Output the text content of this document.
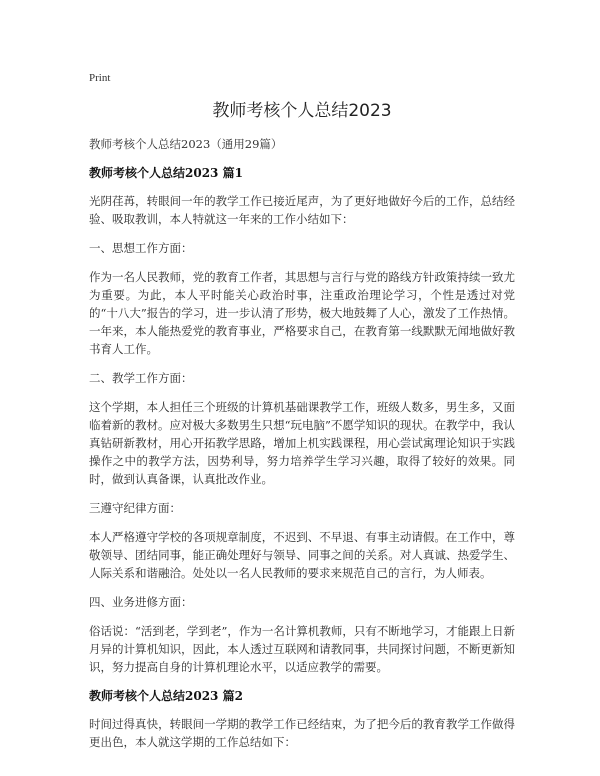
Print
教师考核个人总结2023
教师考核个人总结2023（通用29篇）
教师考核个人总结2023 篇1

光阴荏苒，转眼间一年的教学工作已接近尾声，为了更好地做好今后的工作，总结经验、吸取教训，本人特就这一年来的工作小结如下：

一、思想工作方面：

作为一名人民教师，党的教育工作者，其思想与言行与党的路线方针政策持续一致尤为重要。为此，本人平时能关心政治时事，注重政治理论学习，个性是透过对党的“十八大”报告的学习，进一步认清了形势，极大地鼓舞了人心，激发了工作热情。一年来，本人能热爱党的教育事业，严格要求自己，在教育第一线默默无闻地做好教书育人工作。

二、教学工作方面：

这个学期，本人担任三个班级的计算机基础课教学工作，班级人数多，男生多，又面临着新的教材。应对极大多数男生只想“玩电脑”不愿学知识的现状。在教学中，我认真钻研新教材，用心开拓教学思路，增加上机实践课程，用心尝试寓理论知识于实践操作之中的教学方法，因势利导，努力培养学生学习兴趣，取得了较好的效果。同时，做到认真备课，认真批改作业。

三遵守纪律方面：

本人严格遵守学校的各项规章制度，不迟到、不早退、有事主动请假。在工作中，尊敬领导、团结同事，能正确处理好与领导、同事之间的关系。对人真诚、热爱学生、人际关系和谐融洽。处处以一名人民教师的要求来规范自己的言行，为人师表。

四、业务进修方面：

俗话说：“活到老，学到老”，作为一名计算机教师，只有不断地学习，才能跟上日新月异的计算机知识，因此，本人透过互联网和请教同事，共同探讨问题，不断更新知识，努力提高自身的计算机理论水平，以适应教学的需要。

教师考核个人总结2023 篇2

时间过得真快，转眼间一学期的教学工作已经结束，为了把今后的教育教学工作做得更出色，本人就这学期的工作总结如下：
